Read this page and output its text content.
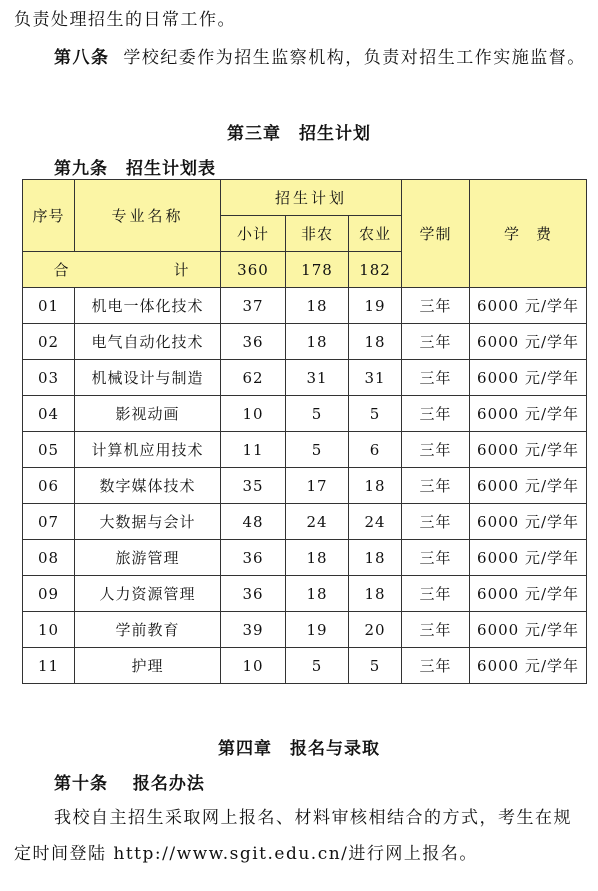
负责处理招生的日常工作。

第八条 学校纪委作为招生监察机构，负责对招生工作实施监督。

第三章　招生计划
第九条　招生计划表
序号	专业名称	招生计划			学制	学　费
		小计	非农	农业		
合 计		360	178	182		
01	机电一体化技术	37	18	19	三年	6000 元/学年
02	电气自动化技术	36	18	18	三年	6000 元/学年
03	机械设计与制造	62	31	31	三年	6000 元/学年
04	影视动画	10	5	5	三年	6000 元/学年
05	计算机应用技术	11	5	6	三年	6000 元/学年
06	数字媒体技术	35	17	18	三年	6000 元/学年
07	大数据与会计	48	24	24	三年	6000 元/学年
08	旅游管理	36	18	18	三年	6000 元/学年
09	人力资源管理	36	18	18	三年	6000 元/学年
10	学前教育	39	19	20	三年	6000 元/学年
11	护理	10	5	5	三年	6000 元/学年
第四章　报名与录取
第十条　 报名办法

我校自主招生采取网上报名、材料审核相结合的方式，考生在规定时间登陆 http://www.sgit.edu.cn/进行网上报名。
